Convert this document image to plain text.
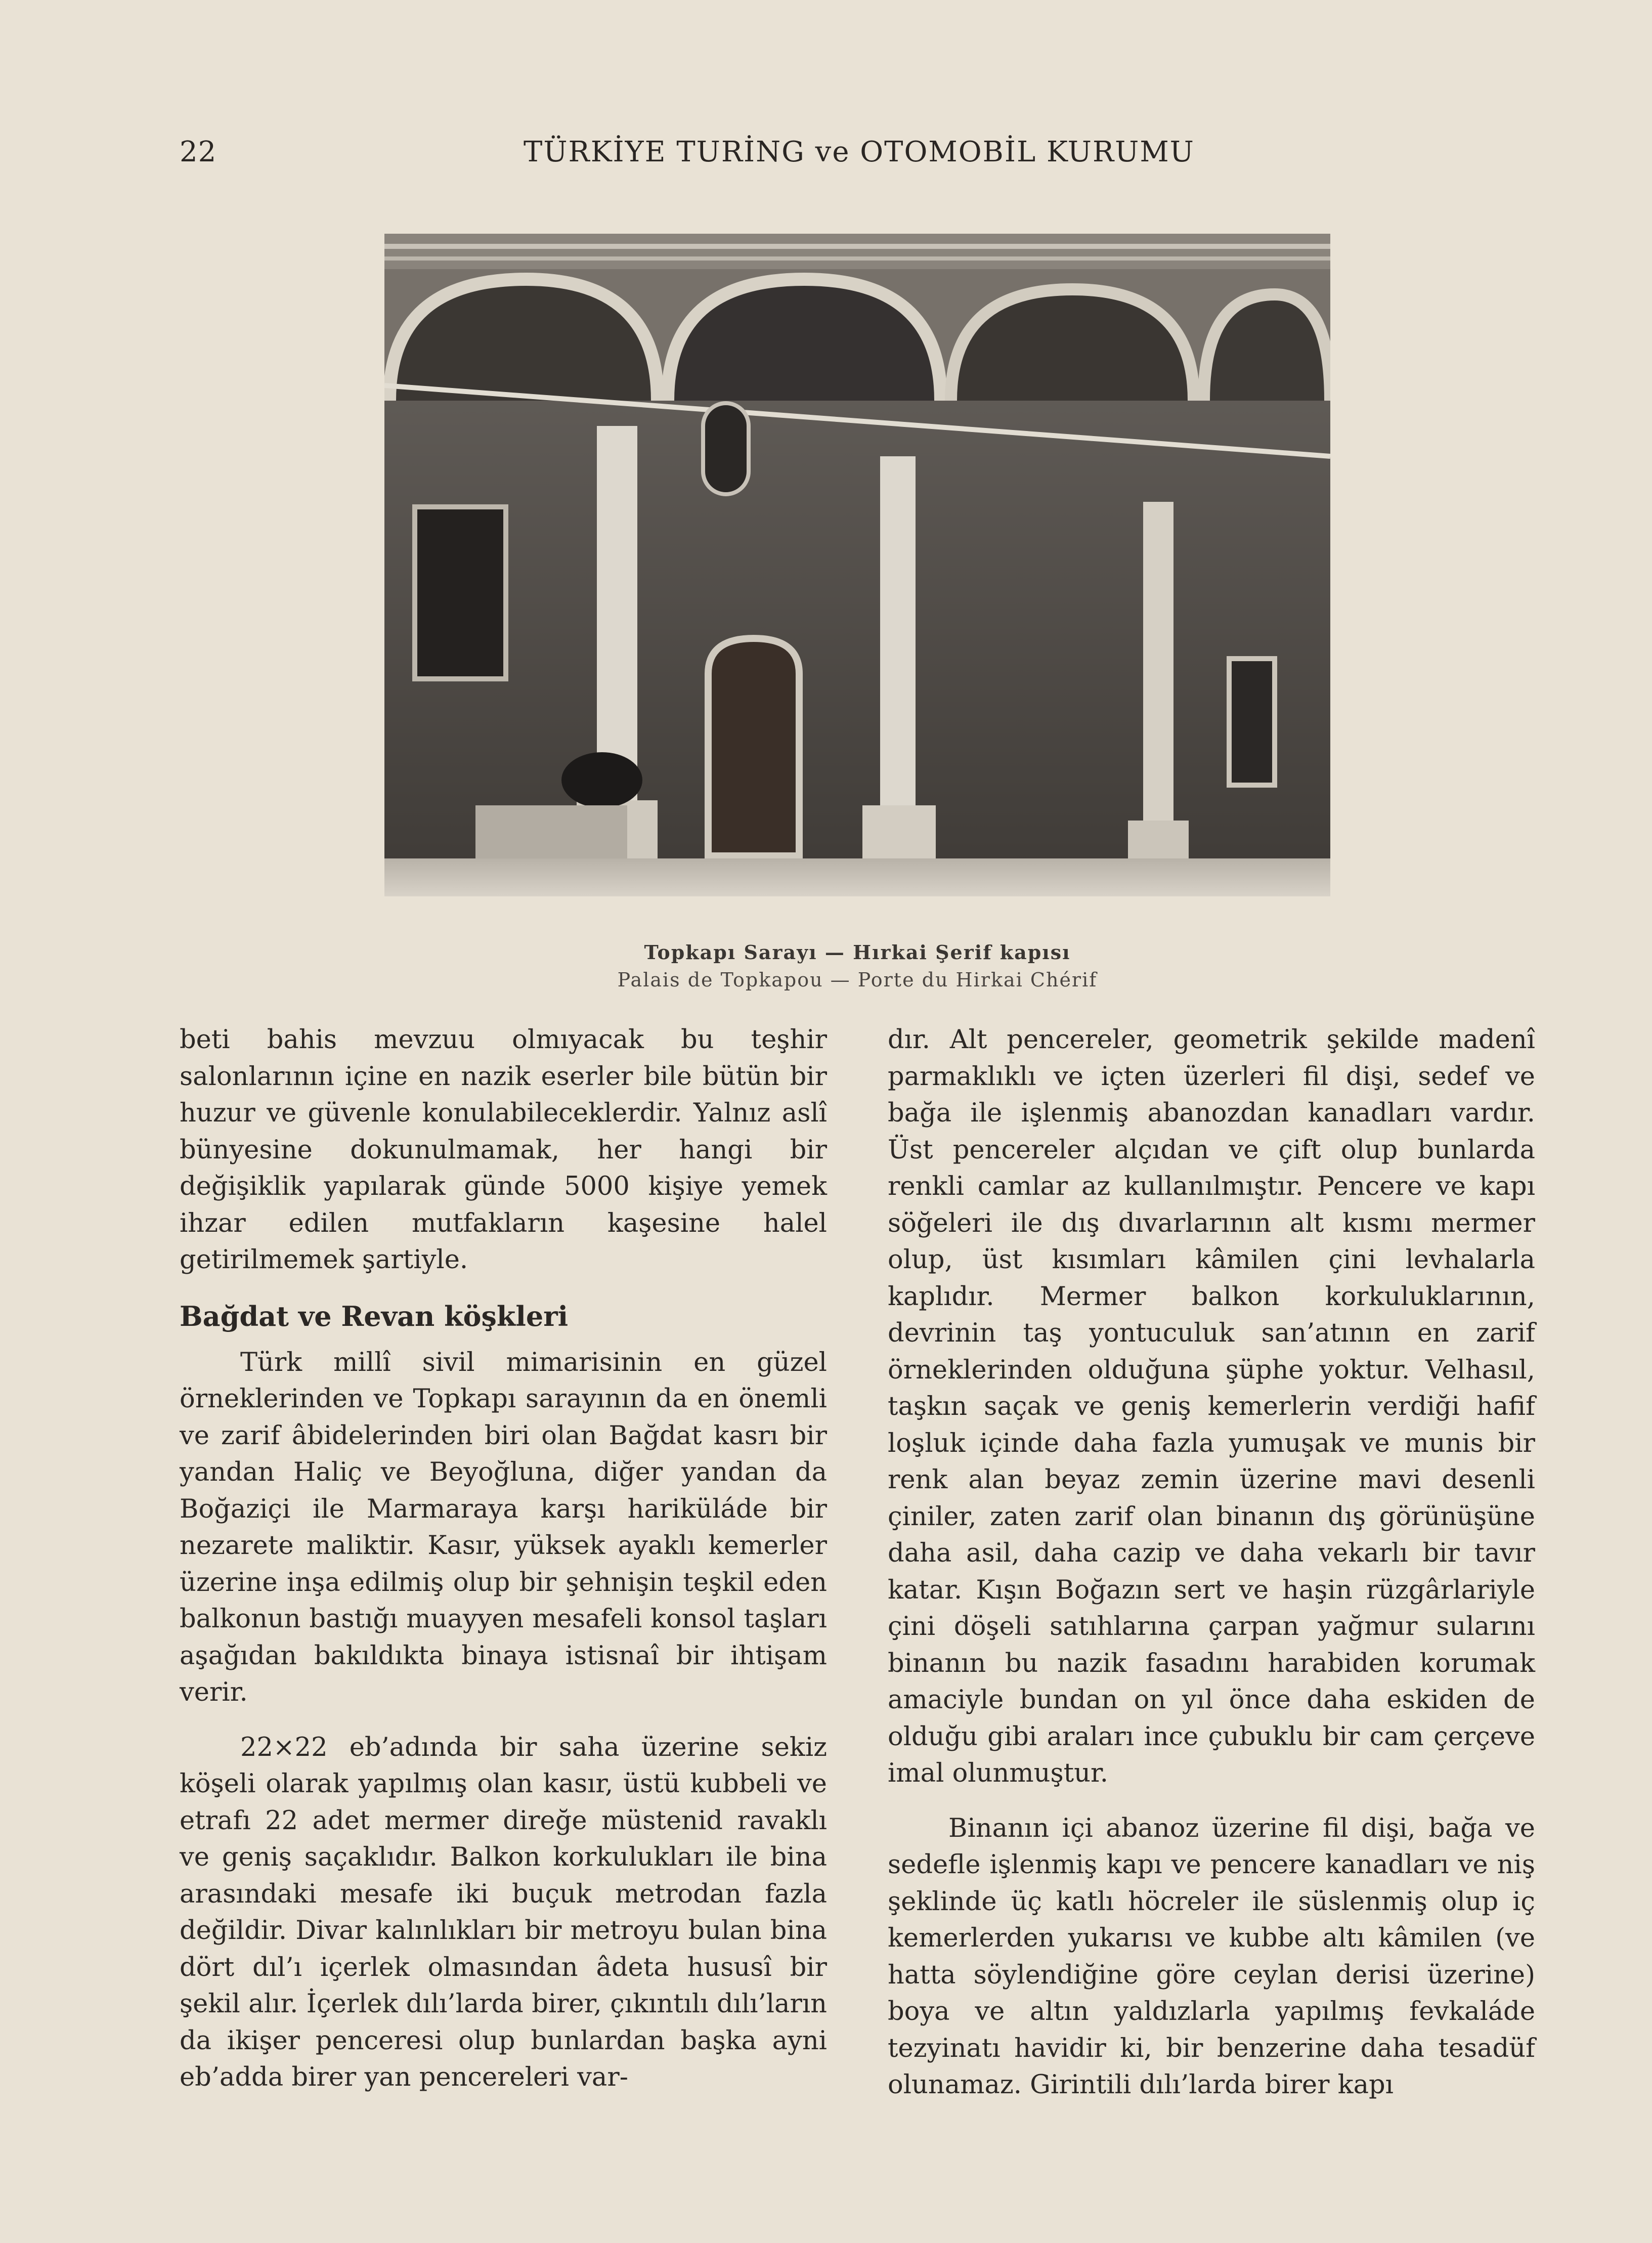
22	TÜRKİYE TURİNG ve OTOMOBİL KURUMU
Topkapı Sarayı — Hırkai Şerif kapısı
Palais de Topkapou — Porte du Hirkai Chérif

beti bahis mevzuu olmıyacak bu teşhir salonlarının içine en nazik eserler bile bütün bir huzur ve güvenle konulabileceklerdir. Yalnız aslî bünyesine dokunulmamak, her hangi bir değişiklik yapılarak günde 5000 kişiye yemek ihzar edilen mutfakların kaşesine halel getirilmemek şartiyle.

Bağdat ve Revan köşkleri

Türk millî sivil mimarisinin en güzel örneklerinden ve Topkapı sarayının da en önemli ve zarif âbidelerinden biri olan Bağdat kasrı bir yandan Haliç ve Beyoğluna, diğer yandan da Boğaziçi ile Marmaraya karşı hariküláde bir nezarete maliktir. Kasır, yüksek ayaklı kemerler üzerine inşa edilmiş olup bir şehnişin teşkil eden balkonun bastığı muayyen mesafeli konsol taşları aşağıdan bakıldıkta binaya istisnaî bir ihtişam verir.

22×22 eb’adında bir saha üzerine sekiz köşeli olarak yapılmış olan kasır, üstü kubbeli ve etrafı 22 adet mermer direğe müstenid ravaklı ve geniş saçaklıdır. Balkon korkulukları ile bina arasındaki mesafe iki buçuk metrodan fazla değildir. Divar kalınlıkları bir metroyu bulan bina dört dıl’ı içerlek olmasından âdeta hususî bir şekil alır. İçerlek dılı’larda birer, çıkıntılı dılı’ların da ikişer penceresi olup bunlardan başka ayni eb’adda birer yan pencereleri var-

dır. Alt pencereler, geometrik şekilde madenî parmaklıklı ve içten üzerleri fil dişi, sedef ve bağa ile işlenmiş abanozdan kanadları vardır. Üst pencereler alçıdan ve çift olup bunlarda renkli camlar az kullanılmıştır. Pencere ve kapı söğeleri ile dış dıvarlarının alt kısmı mermer olup, üst kısımları kâmilen çini levhalarla kaplıdır. Mermer balkon korkuluklarının, devrinin taş yontuculuk san’atının en zarif örneklerinden olduğuna şüphe yoktur. Velhasıl, taşkın saçak ve geniş kemerlerin verdiği hafif loşluk içinde daha fazla yumuşak ve munis bir renk alan beyaz zemin üzerine mavi desenli çiniler, zaten zarif olan binanın dış görünüşüne daha asil, daha cazip ve daha vekarlı bir tavır katar. Kışın Boğazın sert ve haşin rüzgârlariyle çini döşeli satıhlarına çarpan yağmur sularını binanın bu nazik fasadını harabiden korumak amaciyle bundan on yıl önce daha eskiden de olduğu gibi araları ince çubuklu bir cam çerçeve imal olunmuştur.

Binanın içi abanoz üzerine fil dişi, bağa ve sedefle işlenmiş kapı ve pencere kanadları ve niş şeklinde üç katlı höcreler ile süslenmiş olup iç kemerlerden yukarısı ve kubbe altı kâmilen (ve hatta söylendiğine göre ceylan derisi üzerine) boya ve altın yaldızlarla yapılmış fevkaláde tezyinatı havidir ki, bir benzerine daha tesadüf olunamaz. Girintili dılı’larda birer kapı
